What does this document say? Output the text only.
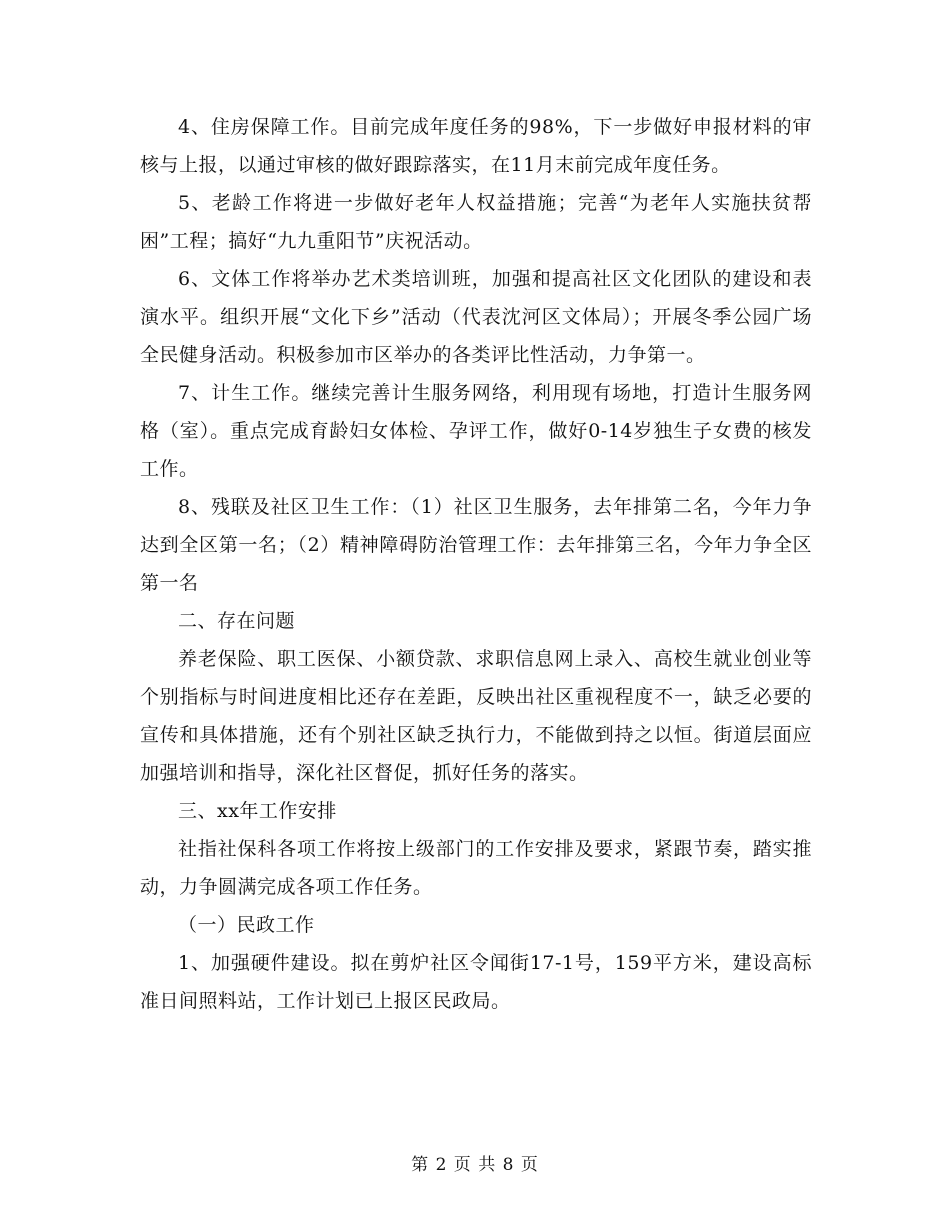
4、住房保障工作。目前完成年度任务的98%，下一步做好申报材料的审核与上报，以通过审核的做好跟踪落实，在11月末前完成年度任务。

5、老龄工作将进一步做好老年人权益措施；完善“为老年人实施扶贫帮困”工程；搞好“九九重阳节”庆祝活动。

6、文体工作将举办艺术类培训班，加强和提高社区文化团队的建设和表演水平。组织开展“文化下乡”活动（代表沈河区文体局）；开展冬季公园广场全民健身活动。积极参加市区举办的各类评比性活动，力争第一。

7、计生工作。继续完善计生服务网络，利用现有场地，打造计生服务网格（室）。重点完成育龄妇女体检、孕评工作，做好0-14岁独生子女费的核发工作。

8、残联及社区卫生工作：（1）社区卫生服务，去年排第二名，今年力争达到全区第一名；（2）精神障碍防治管理工作：去年排第三名，今年力争全区第一名

二、存在问题

养老保险、职工医保、小额贷款、求职信息网上录入、高校生就业创业等个别指标与时间进度相比还存在差距，反映出社区重视程度不一，缺乏必要的宣传和具体措施，还有个别社区缺乏执行力，不能做到持之以恒。街道层面应加强培训和指导，深化社区督促，抓好任务的落实。

三、xx年工作安排

社指社保科各项工作将按上级部门的工作安排及要求，紧跟节奏，踏实推动，力争圆满完成各项工作任务。

（一）民政工作

1、加强硬件建设。拟在剪炉社区令闻街17-1号，159平方米，建设高标准日间照料站，工作计划已上报区民政局。

第 2 页 共 8 页
